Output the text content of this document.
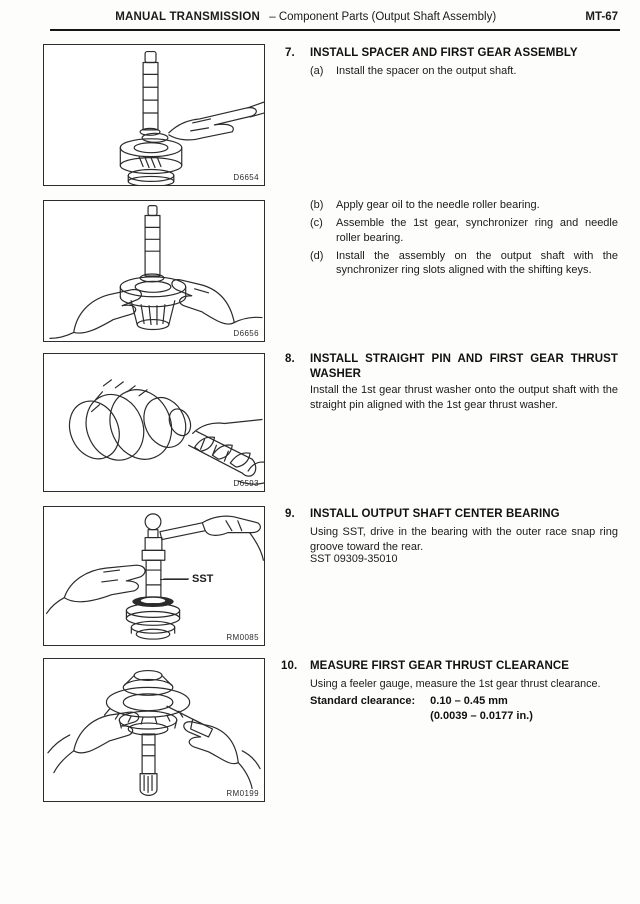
MANUAL TRANSMISSION – Component Parts (Output Shaft Assembly)	MT-67
D6654
D6656
D6593
SST
RM0085
RM0199
7.	INSTALL SPACER AND FIRST GEAR ASSEMBLY
(a)	Install the spacer on the output shaft.
(b)	Apply gear oil to the needle roller bearing.
(c)	Assemble the 1st gear, synchronizer ring and needle roller bearing.
(d)	Install the assembly on the output shaft with the synchronizer ring slots aligned with the shifting keys.
8.	INSTALL STRAIGHT PIN AND FIRST GEAR THRUST WASHER
Install the 1st gear thrust washer onto the output shaft with the straight pin aligned with the 1st gear thrust washer.
9.	INSTALL OUTPUT SHAFT CENTER BEARING
Using SST, drive in the bearing with the outer race snap ring groove toward the rear.
SST 09309-35010
10.	MEASURE FIRST GEAR THRUST CLEARANCE
Using a feeler gauge, measure the 1st gear thrust clearance.
Standard clearance: 0.10 – 0.45 mm
(0.0039 – 0.0177 in.)
